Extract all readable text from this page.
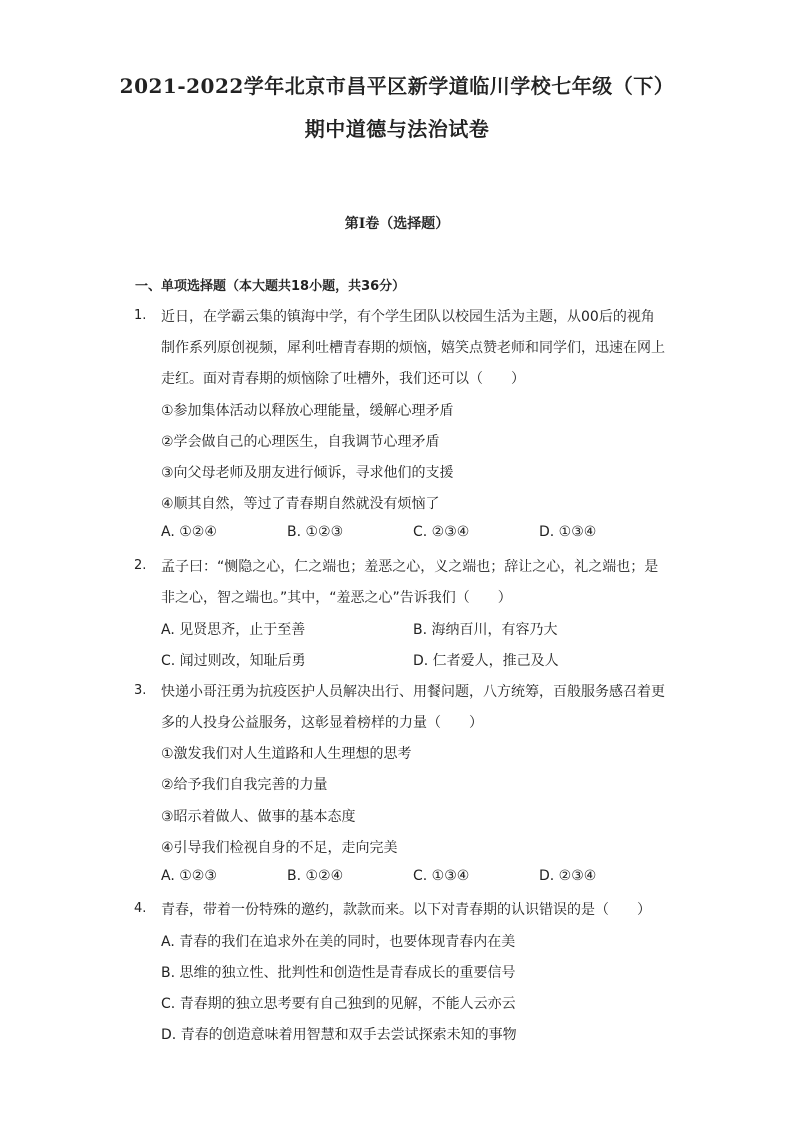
2021-2022学年北京市昌平区新学道临川学校七年级（下）
期中道德与法治试卷
第Ⅰ卷（选择题）
一、单项选择题（本大题共18小题，共36分）
1. 近日，在学霸云集的镇海中学，有个学生团队以校园生活为主题，从00后的视角
制作系列原创视频，犀利吐槽青春期的烦恼，嬉笑点赞老师和同学们，迅速在网上
走红。面对青春期的烦恼除了吐槽外，我们还可以（　　）
①参加集体活动以释放心理能量，缓解心理矛盾
②学会做自己的心理医生，自我调节心理矛盾
③向父母老师及朋友进行倾诉，寻求他们的支援
④顺其自然，等过了青春期自然就没有烦恼了
A. ①②④	B. ①②③	C. ②③④	D. ①③④
2. 孟子曰：“恻隐之心，仁之端也；羞恶之心，义之端也；辞让之心，礼之端也；是
非之心，智之端也。”其中，“羞恶之心”告诉我们（　　）
A. 见贤思齐，止于至善	B. 海纳百川，有容乃大
C. 闻过则改，知耻后勇	D. 仁者爱人，推己及人
3. 快递小哥汪勇为抗疫医护人员解决出行、用餐问题，八方统筹，百般服务感召着更
多的人投身公益服务，这彰显着榜样的力量（　　）
①激发我们对人生道路和人生理想的思考
②给予我们自我完善的力量
③昭示着做人、做事的基本态度
④引导我们检视自身的不足，走向完美
A. ①②③	B. ①②④	C. ①③④	D. ②③④
4. 青春，带着一份特殊的邀约，款款而来。以下对青春期的认识错误的是（　　）
A. 青春的我们在追求外在美的同时，也要体现青春内在美
B. 思维的独立性、批判性和创造性是青春成长的重要信号
C. 青春期的独立思考要有自己独到的见解，不能人云亦云
D. 青春的创造意味着用智慧和双手去尝试探索未知的事物
